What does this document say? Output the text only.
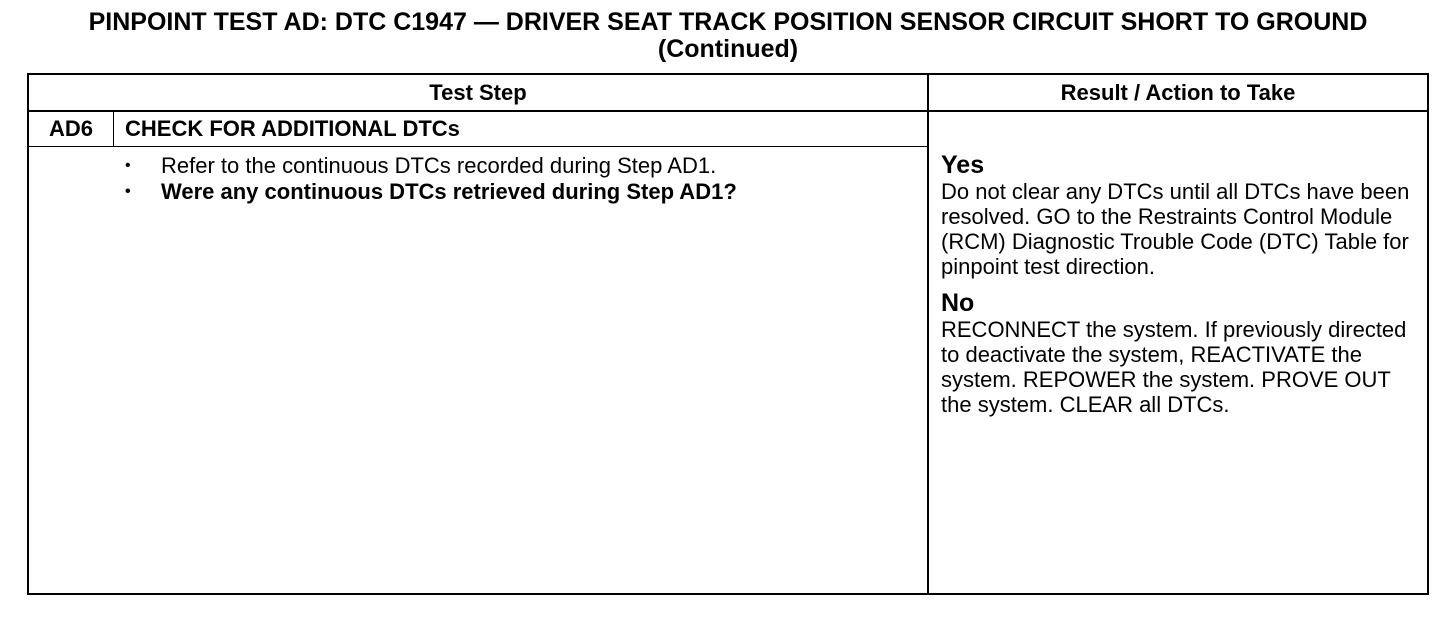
PINPOINT TEST AD: DTC C1947 — DRIVER SEAT TRACK POSITION SENSOR CIRCUIT SHORT TO GROUND (Continued)
Test Step	Result / Action to Take
AD6	CHECK FOR ADDITIONAL DTCs
• Refer to the continuous DTCs recorded during Step AD1.
• Were any continuous DTCs retrieved during Step AD1?
Yes
Do not clear any DTCs until all DTCs have been resolved. GO to the Restraints Control Module (RCM) Diagnostic Trouble Code (DTC) Table for pinpoint test direction.
No
RECONNECT the system. If previously directed to deactivate the system, REACTIVATE the system. REPOWER the system. PROVE OUT the system. CLEAR all DTCs.
